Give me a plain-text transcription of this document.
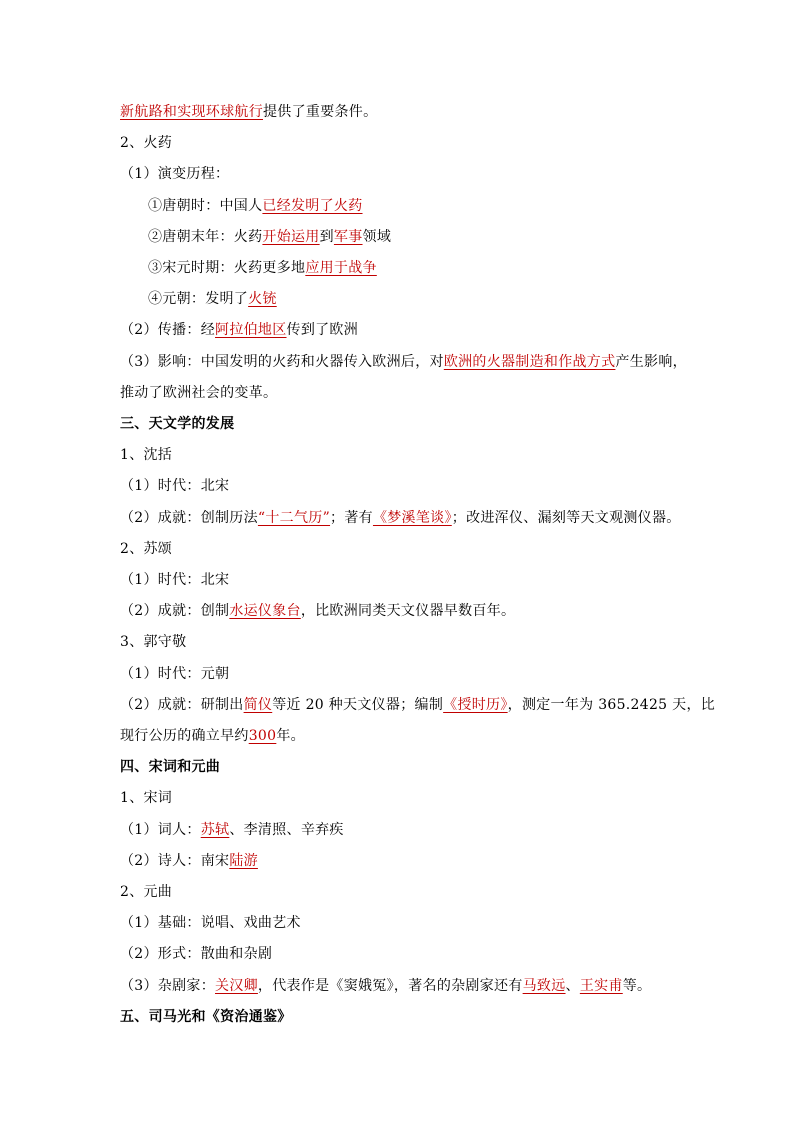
新航路和实现环球航行提供了重要条件。
2、火药
（1）演变历程：
①唐朝时：中国人已经发明了火药
②唐朝末年：火药开始运用到军事领域
③宋元时期：火药更多地应用于战争
④元朝：发明了火铳
（2）传播：经阿拉伯地区传到了欧洲
（3）影响：中国发明的火药和火器传入欧洲后，对欧洲的火器制造和作战方式产生影响，
推动了欧洲社会的变革。
三、天文学的发展
1、沈括
（1）时代：北宋
（2）成就：创制历法“十二气历”；著有《梦溪笔谈》；改进浑仪、漏刻等天文观测仪器。
2、苏颂
（1）时代：北宋
（2）成就：创制水运仪象台，比欧洲同类天文仪器早数百年。
3、郭守敬
（1）时代：元朝
（2）成就：研制出简仪等近 20 种天文仪器；编制《授时历》，测定一年为 365.2425 天，比
现行公历的确立早约300年。
四、宋词和元曲
1、宋词
（1）词人：苏轼、李清照、辛弃疾
（2）诗人：南宋陆游
2、元曲
（1）基础：说唱、戏曲艺术
（2）形式：散曲和杂剧
（3）杂剧家：关汉卿，代表作是《窦娥冤》，著名的杂剧家还有马致远、王实甫等。
五、司马光和《资治通鉴》
